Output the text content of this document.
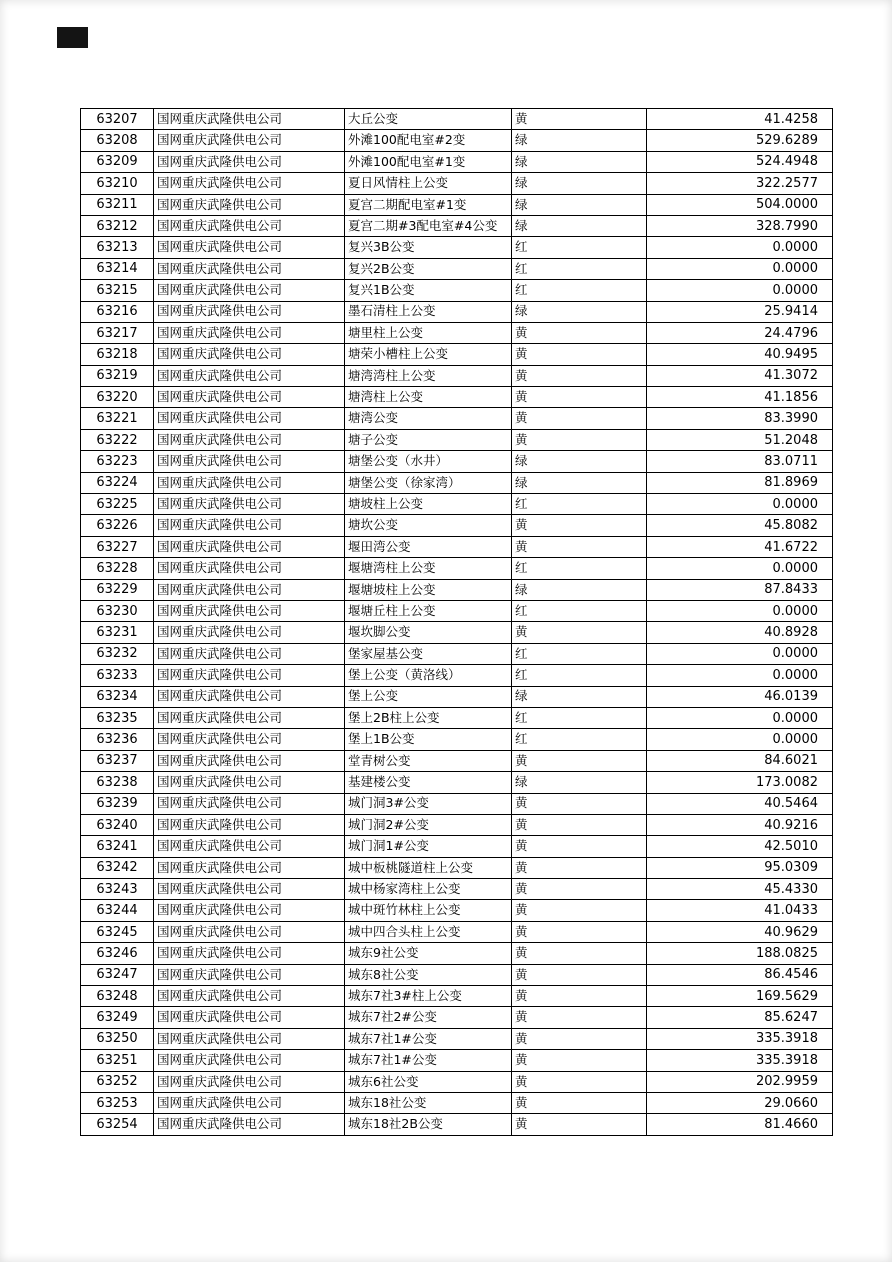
63207	国网重庆武隆供电公司	大丘公变	黄	41.4258
63208	国网重庆武隆供电公司	外滩100配电室#2变	绿	529.6289
63209	国网重庆武隆供电公司	外滩100配电室#1变	绿	524.4948
63210	国网重庆武隆供电公司	夏日风情柱上公变	绿	322.2577
63211	国网重庆武隆供电公司	夏宫二期配电室#1变	绿	504.0000
63212	国网重庆武隆供电公司	夏宫二期#3配电室#4公变	绿	328.7990
63213	国网重庆武隆供电公司	复兴3B公变	红	0.0000
63214	国网重庆武隆供电公司	复兴2B公变	红	0.0000
63215	国网重庆武隆供电公司	复兴1B公变	红	0.0000
63216	国网重庆武隆供电公司	墨石清柱上公变	绿	25.9414
63217	国网重庆武隆供电公司	塘里柱上公变	黄	24.4796
63218	国网重庆武隆供电公司	塘荣小槽柱上公变	黄	40.9495
63219	国网重庆武隆供电公司	塘湾湾柱上公变	黄	41.3072
63220	国网重庆武隆供电公司	塘湾柱上公变	黄	41.1856
63221	国网重庆武隆供电公司	塘湾公变	黄	83.3990
63222	国网重庆武隆供电公司	塘子公变	黄	51.2048
63223	国网重庆武隆供电公司	塘堡公变（水井）	绿	83.0711
63224	国网重庆武隆供电公司	塘堡公变（徐家湾）	绿	81.8969
63225	国网重庆武隆供电公司	塘坡柱上公变	红	0.0000
63226	国网重庆武隆供电公司	塘坎公变	黄	45.8082
63227	国网重庆武隆供电公司	堰田湾公变	黄	41.6722
63228	国网重庆武隆供电公司	堰塘湾柱上公变	红	0.0000
63229	国网重庆武隆供电公司	堰塘坡柱上公变	绿	87.8433
63230	国网重庆武隆供电公司	堰塘丘柱上公变	红	0.0000
63231	国网重庆武隆供电公司	堰坎脚公变	黄	40.8928
63232	国网重庆武隆供电公司	堡家屋基公变	红	0.0000
63233	国网重庆武隆供电公司	堡上公变（黄洛线）	红	0.0000
63234	国网重庆武隆供电公司	堡上公变	绿	46.0139
63235	国网重庆武隆供电公司	堡上2B柱上公变	红	0.0000
63236	国网重庆武隆供电公司	堡上1B公变	红	0.0000
63237	国网重庆武隆供电公司	堂青树公变	黄	84.6021
63238	国网重庆武隆供电公司	基建楼公变	绿	173.0082
63239	国网重庆武隆供电公司	城门洞3#公变	黄	40.5464
63240	国网重庆武隆供电公司	城门洞2#公变	黄	40.9216
63241	国网重庆武隆供电公司	城门洞1#公变	黄	42.5010
63242	国网重庆武隆供电公司	城中板桃隧道柱上公变	黄	95.0309
63243	国网重庆武隆供电公司	城中杨家湾柱上公变	黄	45.4330
63244	国网重庆武隆供电公司	城中斑竹林柱上公变	黄	41.0433
63245	国网重庆武隆供电公司	城中四合头柱上公变	黄	40.9629
63246	国网重庆武隆供电公司	城东9社公变	黄	188.0825
63247	国网重庆武隆供电公司	城东8社公变	黄	86.4546
63248	国网重庆武隆供电公司	城东7社3#柱上公变	黄	169.5629
63249	国网重庆武隆供电公司	城东7社2#公变	黄	85.6247
63250	国网重庆武隆供电公司	城东7社1#公变	黄	335.3918
63251	国网重庆武隆供电公司	城东7社1#公变	黄	335.3918
63252	国网重庆武隆供电公司	城东6社公变	黄	202.9959
63253	国网重庆武隆供电公司	城东18社公变	黄	29.0660
63254	国网重庆武隆供电公司	城东18社2B公变	黄	81.4660
